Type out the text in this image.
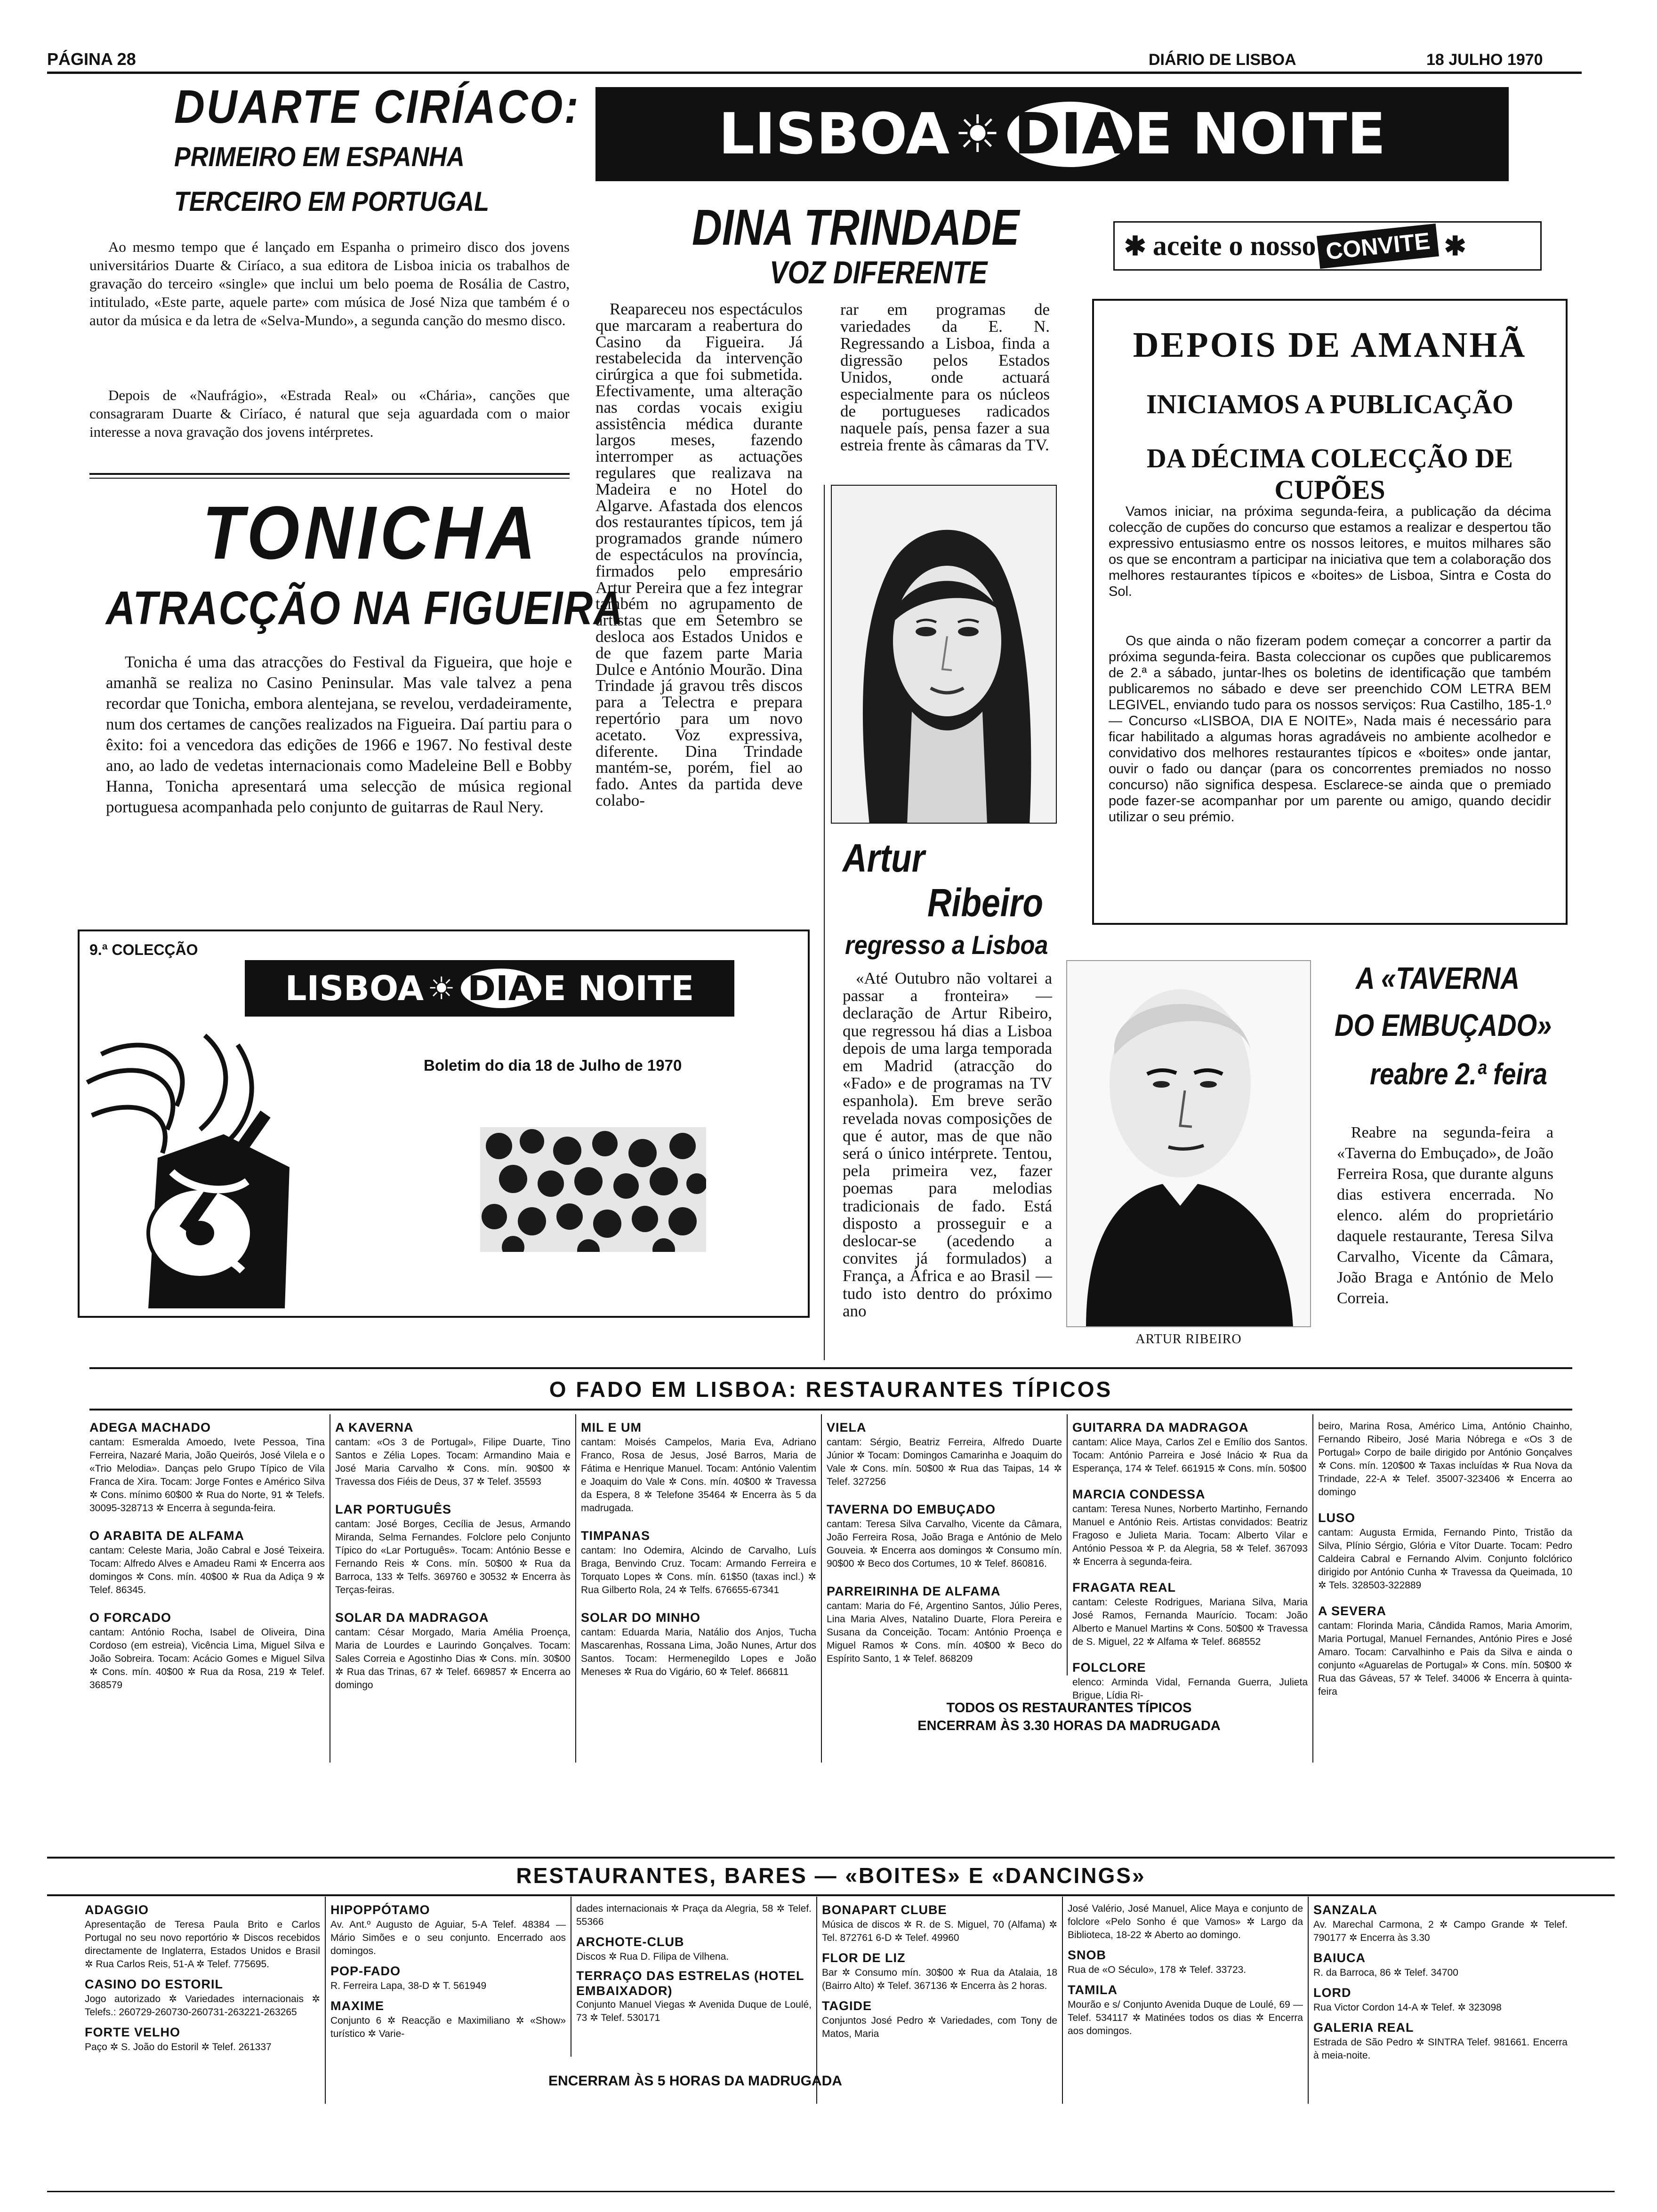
PÁGINA 28	DIÁRIO DE LISBOA	18 JULHO 1970
DUARTE CIRÍACO:
PRIMEIRO EM ESPANHA
TERCEIRO EM PORTUGAL
Ao mesmo tempo que é lançado em Espanha o primeiro disco dos jovens universitários Duarte & Ciríaco, a sua editora de Lisboa inicia os trabalhos de gravação do terceiro «single» que inclui um belo poema de Rosália de Castro, intitulado, «Este parte, aquele parte» com música de José Niza que também é o autor da música e da letra de «Selva-Mundo», a segunda canção do mesmo disco.
Depois de «Naufrágio», «Estrada Real» ou «Chária», canções que consagraram Duarte & Ciríaco, é natural que seja aguardada com o maior interesse a nova gravação dos jovens intérpretes.
TONICHA
ATRACÇÃO NA FIGUEIRA
Tonicha é uma das atracções do Festival da Figueira, que hoje e amanhã se realiza no Casino Peninsular. Mas vale talvez a pena recordar que Tonicha, embora alentejana, se revelou, verdadeiramente, num dos certames de canções realizados na Figueira. Daí partiu para o êxito: foi a vencedora das edições de 1966 e 1967. No festival deste ano, ao lado de vedetas internacionais como Madeleine Bell e Bobby Hanna, Tonicha apresentará uma selecção de música regional portuguesa acompanhada pelo conjunto de guitarras de Raul Nery.
LISBOA ☀ DIA E NOITE
DINA TRINDADE
VOZ DIFERENTE
Reapareceu nos espectáculos que marcaram a reabertura do Casino da Figueira. Já restabelecida da intervenção cirúrgica a que foi submetida. Efectivamente, uma alteração nas cordas vocais exigiu assistência médica durante largos meses, fazendo interromper as actuações regulares que realizava na Madeira e no Hotel do Algarve. Afastada dos elencos dos restaurantes típicos, tem já programados grande número de espectáculos na província, firmados pelo empresário Artur Pereira que a fez integrar também no agrupamento de artistas que em Setembro se desloca aos Estados Unidos e de que fazem parte Maria Dulce e António Mourão. Dina Trindade já gravou três discos para a Telectra e prepara repertório para um novo acetato. Voz expressiva, diferente. Dina Trindade mantém-se, porém, fiel ao fado. Antes da partida deve colabo-
rar em programas de variedades da E. N. Regressando a Lisboa, finda a digressão pelos Estados Unidos, onde actuará especialmente para os núcleos de portugueses radicados naquele país, pensa fazer a sua estreia frente às câmaras da TV.
✱ aceite o nosso CONVITE ✱
DEPOIS DE AMANHÃ
INICIAMOS A PUBLICAÇÃO
DA DÉCIMA COLECÇÃO DE CUPÕES
Vamos iniciar, na próxima segunda-feira, a publicação da décima colecção de cupões do concurso que estamos a realizar e despertou tão expressivo entusiasmo entre os nossos leitores, e muitos milhares são os que se encontram a participar na iniciativa que tem a colaboração dos melhores restaurantes típicos e «boites» de Lisboa, Sintra e Costa do Sol.
Os que ainda o não fizeram podem começar a concorrer a partir da próxima segunda-feira. Basta coleccionar os cupões que publicaremos de 2.ª a sábado, juntar-lhes os boletins de identificação que também publicaremos no sábado e deve ser preenchido COM LETRA BEM LEGIVEL, enviando tudo para os nossos serviços: Rua Castilho, 185-1.º — Concurso «LISBOA, DIA E NOITE», Nada mais é necessário para ficar habilitado a algumas horas agradáveis no ambiente acolhedor e convidativo dos melhores restaurantes típicos e «boites» onde jantar, ouvir o fado ou dançar (para os concorrentes premiados no nosso concurso) não significa despesa. Esclarece-se ainda que o premiado pode fazer-se acompanhar por um parente ou amigo, quando decidir utilizar o seu prémio.
9.ª COLECÇÃO
LISBOA ☀ DIA E NOITE
Boletim do dia 18 de Julho de 1970
Artur
Ribeiro
regresso a Lisboa
«Até Outubro não voltarei a passar a fronteira» — declaração de Artur Ribeiro, que regressou há dias a Lisboa depois de uma larga temporada em Madrid (atracção do «Fado» e de programas na TV espanhola). Em breve serão revelada novas composições de que é autor, mas de que não será o único intérprete. Tentou, pela primeira vez, fazer poemas para melodias tradicionais de fado. Está disposto a prosseguir e a deslocar-se (acedendo a convites já formulados) a França, a África e ao Brasil — tudo isto dentro do próximo ano
ARTUR RIBEIRO
A «TAVERNA
DO EMBUÇADO»
reabre 2.ª feira
Reabre na segunda-feira a «Taverna do Embuçado», de João Ferreira Rosa, que durante alguns dias estivera encerrada. No elenco. além do proprietário daquele restaurante, Teresa Silva Carvalho, Vicente da Câmara, João Braga e António de Melo Correia.
O FADO EM LISBOA: RESTAURANTES TÍPICOS
ADEGA MACHADO
cantam: Esmeralda Amoedo, Ivete Pessoa, Tina Ferreira, Nazaré Maria, João Queirós, José Vilela e o «Trio Melodia». Danças pelo Grupo Típico de Vila Franca de Xira. Tocam: Jorge Fontes e Américo Silva ✲ Cons. mínimo 60$00 ✲ Rua do Norte, 91 ✲ Telefs. 30095-328713 ✲ Encerra à segunda-feira.
O ARABITA DE ALFAMA
cantam: Celeste Maria, João Cabral e José Teixeira. Tocam: Alfredo Alves e Amadeu Rami ✲ Encerra aos domingos ✲ Cons. mín. 40$00 ✲ Rua da Adiça 9 ✲ Telef. 86345.
O FORCADO
cantam: António Rocha, Isabel de Oliveira, Dina Cordoso (em estreia), Vicência Lima, Miguel Silva e João Sobreira. Tocam: Acácio Gomes e Miguel Silva ✲ Cons. mín. 40$00 ✲ Rua da Rosa, 219 ✲ Telef. 368579
A KAVERNA
cantam: «Os 3 de Portugal», Filipe Duarte, Tino Santos e Zélia Lopes. Tocam: Armandino Maia e José Maria Carvalho ✲ Cons. mín. 90$00 ✲ Travessa dos Fiéis de Deus, 37 ✲ Telef. 35593
LAR PORTUGUÊS
cantam: José Borges, Cecília de Jesus, Armando Miranda, Selma Fernandes. Folclore pelo Conjunto Típico do «Lar Português». Tocam: António Besse e Fernando Reis ✲ Cons. mín. 50$00 ✲ Rua da Barroca, 133 ✲ Telfs. 369760 e 30532 ✲ Encerra às Terças-feiras.
SOLAR DA MADRAGOA
cantam: César Morgado, Maria Amélia Proença, Maria de Lourdes e Laurindo Gonçalves. Tocam: Sales Correia e Agostinho Dias ✲ Cons. mín. 30$00 ✲ Rua das Trinas, 67 ✲ Telef. 669857 ✲ Encerra ao domingo
MIL E UM
cantam: Moisés Campelos, Maria Eva, Adriano Franco, Rosa de Jesus, José Barros, Maria de Fátima e Henrique Manuel. Tocam: António Valentim e Joaquim do Vale ✲ Cons. mín. 40$00 ✲ Travessa da Espera, 8 ✲ Telefone 35464 ✲ Encerra às 5 da madrugada.
TIMPANAS
cantam: Ino Odemira, Alcindo de Carvalho, Luís Braga, Benvindo Cruz. Tocam: Armando Ferreira e Torquato Lopes ✲ Cons. mín. 61$50 (taxas incl.) ✲ Rua Gilberto Rola, 24 ✲ Telfs. 676655-67341
SOLAR DO MINHO
cantam: Eduarda Maria, Natálio dos Anjos, Tucha Mascarenhas, Rossana Lima, João Nunes, Artur dos Santos. Tocam: Hermenegildo Lopes e João Meneses ✲ Rua do Vigário, 60 ✲ Telef. 866811
VIELA
cantam: Sérgio, Beatriz Ferreira, Alfredo Duarte Júnior ✲ Tocam: Domingos Camarinha e Joaquim do Vale ✲ Cons. mín. 50$00 ✲ Rua das Taipas, 14 ✲ Telef. 327256
TAVERNA DO EMBUÇADO
cantam: Teresa Silva Carvalho, Vicente da Câmara, João Ferreira Rosa, João Braga e António de Melo Gouveia. ✲ Encerra aos domingos ✲ Consumo mín. 90$00 ✲ Beco dos Cortumes, 10 ✲ Telef. 860816.
PARREIRINHA DE ALFAMA
cantam: Maria do Fé, Argentino Santos, Júlio Peres, Lina Maria Alves, Natalino Duarte, Flora Pereira e Susana da Conceição. Tocam: António Proença e Miguel Ramos ✲ Cons. mín. 40$00 ✲ Beco do Espírito Santo, 1 ✲ Telef. 868209
GUITARRA DA MADRAGOA
cantam: Alice Maya, Carlos Zel e Emílio dos Santos. Tocam: António Parreira e José Inácio ✲ Rua da Esperança, 174 ✲ Telef. 661915 ✲ Cons. mín. 50$00
MARCIA CONDESSA
cantam: Teresa Nunes, Norberto Martinho, Fernando Manuel e António Reis. Artistas convidados: Beatriz Fragoso e Julieta Maria. Tocam: Alberto Vilar e António Pessoa ✲ P. da Alegria, 58 ✲ Telef. 367093 ✲ Encerra à segunda-feira.
FRAGATA REAL
cantam: Celeste Rodrigues, Mariana Silva, Maria José Ramos, Fernanda Maurício. Tocam: João Alberto e Manuel Martins ✲ Cons. 50$00 ✲ Travessa de S. Miguel, 22 ✲ Alfama ✲ Telef. 868552
FOLCLORE
elenco: Arminda Vidal, Fernanda Guerra, Julieta Brigue, Lídia Ri-
beiro, Marina Rosa, Américo Lima, António Chainho, Fernando Ribeiro, José Maria Nóbrega e «Os 3 de Portugal» Corpo de baile dirigido por António Gonçalves ✲ Cons. mín. 120$00 ✲ Taxas incluídas ✲ Rua Nova da Trindade, 22-A ✲ Telef. 35007-323406 ✲ Encerra ao domingo
LUSO
cantam: Augusta Ermida, Fernando Pinto, Tristão da Silva, Plínio Sérgio, Glória e Vítor Duarte. Tocam: Pedro Caldeira Cabral e Fernando Alvim. Conjunto folclórico dirigido por António Cunha ✲ Travessa da Queimada, 10 ✲ Tels. 328503-322889
A SEVERA
cantam: Florinda Maria, Cândida Ramos, Maria Amorim, Maria Portugal, Manuel Fernandes, António Pires e José Amaro. Tocam: Carvalhinho e Pais da Silva e ainda o conjunto «Aguarelas de Portugal» ✲ Cons. mín. 50$00 ✲ Rua das Gáveas, 57 ✲ Telef. 34006 ✲ Encerra à quinta-feira
TODOS OS RESTAURANTES TÍPICOS
ENCERRAM ÀS 3.30 HORAS DA MADRUGADA
RESTAURANTES, BARES — «BOITES» E «DANCINGS»
ADAGGIO
Apresentação de Teresa Paula Brito e Carlos Portugal no seu novo reportório ✲ Discos recebidos directamente de Inglaterra, Estados Unidos e Brasil ✲ Rua Carlos Reis, 51-A ✲ Telef. 775695.
CASINO DO ESTORIL
Jogo autorizado ✲ Variedades internacionais ✲ Telefs.: 260729-260730-260731-263221-263265
FORTE VELHO
Paço ✲ S. João do Estoril ✲ Telef. 261337
HIPOPPÓTAMO
Av. Ant.º Augusto de Aguiar, 5-A Telef. 48384 — Mário Simões e o seu conjunto. Encerrado aos domingos.
POP-FADO
R. Ferreira Lapa, 38-D ✲ T. 561949
MAXIME
Conjunto 6 ✲ Reacção e Maximiliano ✲ «Show» turístico ✲ Varie-
dades internacionais ✲ Praça da Alegria, 58 ✲ Telef. 55366
ARCHOTE-CLUB
Discos ✲ Rua D. Filipa de Vilhena.
TERRAÇO DAS ESTRELAS (HOTEL EMBAIXADOR)
Conjunto Manuel Viegas ✲ Avenida Duque de Loulé, 73 ✲ Telef. 530171
BONAPART CLUBE
Música de discos ✲ R. de S. Miguel, 70 (Alfama) ✲ Tel. 872761 6-D ✲ Telef. 49960
FLOR DE LIZ
Bar ✲ Consumo mín. 30$00 ✲ Rua da Atalaia, 18 (Bairro Alto) ✲ Telef. 367136 ✲ Encerra às 2 horas.
TAGIDE
Conjuntos José Pedro ✲ Variedades, com Tony de Matos, Maria
José Valério, José Manuel, Alice Maya e conjunto de folclore «Pelo Sonho é que Vamos» ✲ Largo da Biblioteca, 18-22 ✲ Aberto ao domingo.
SNOB
Rua de «O Século», 178 ✲ Telef. 33723.
TAMILA
Mourão e s/ Conjunto Avenida Duque de Loulé, 69 — Telef. 534117 ✲ Matinées todos os dias ✲ Encerra aos domingos.
SANZALA
Av. Marechal Carmona, 2 ✲ Campo Grande ✲ Telef. 790177 ✲ Encerra às 3.30
BAIUCA
R. da Barroca, 86 ✲ Telef. 34700
LORD
Rua Victor Cordon 14-A ✲ Telef. ✲ 323098
GALERIA REAL
Estrada de São Pedro ✲ SINTRA Telef. 981661. Encerra à meia-noite.
ENCERRAM ÀS 5 HORAS DA MADRUGADA
